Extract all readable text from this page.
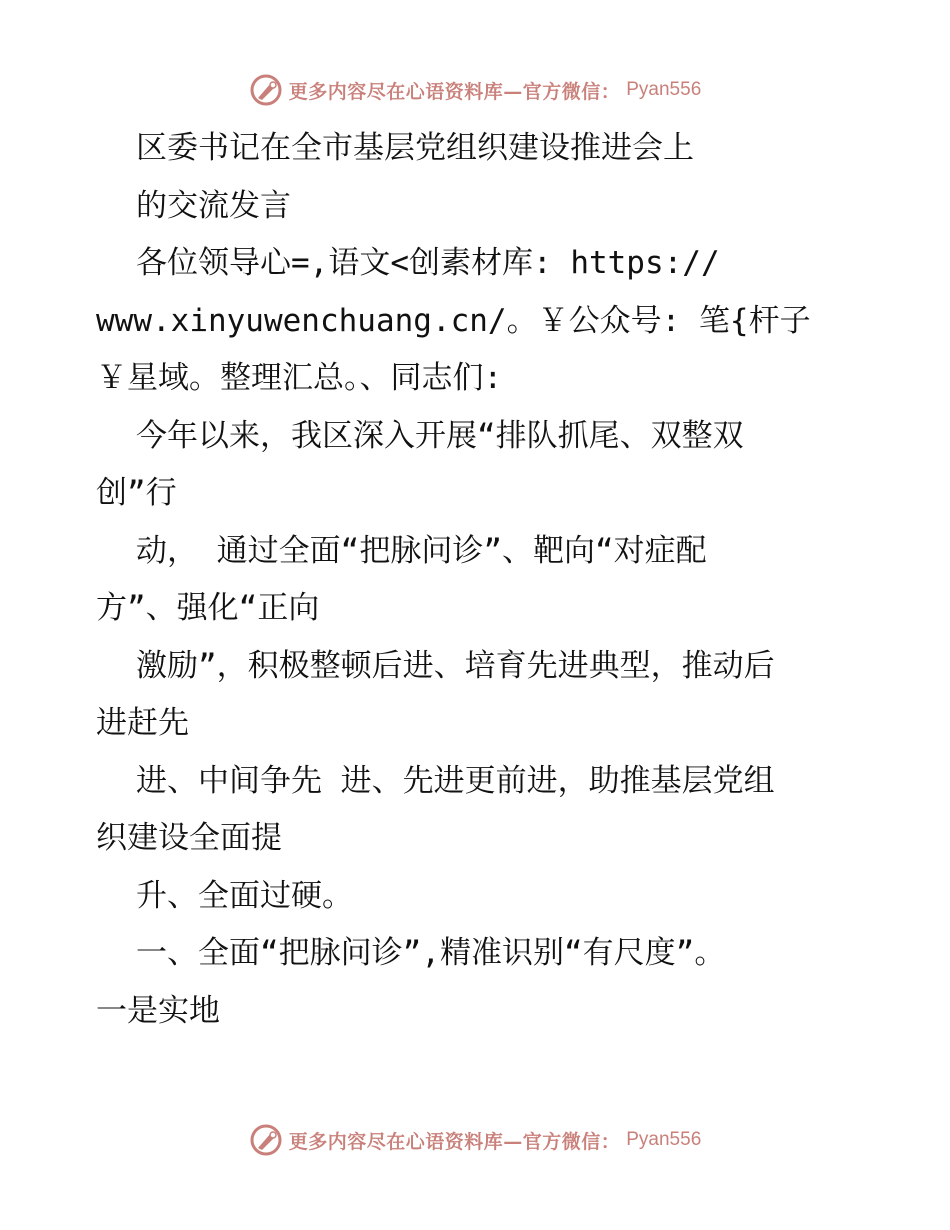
更多内容尽在心语资料库—官方微信： Pyan556
区委书记在全市基层党组织建设推进会上
的交流发言
各位领导心=,语文<创素材库: https://
www.xinyuwenchuang.cn/。￥公众号: 笔{杆子
￥星域。整理汇总。、同志们:
今年以来，我区深入开展“排队抓尾、双整双
创”行
动， 通过全面“把脉问诊”、靶向“对症配
方”、强化“正向
激励”，积极整顿后进、培育先进典型，推动后
进赶先
进、中间争先 进、先进更前进，助推基层党组
织建设全面提
升、全面过硬。
一、全面“把脉问诊”,精准识别“有尺度”。
一是实地
更多内容尽在心语资料库—官方微信： Pyan556
